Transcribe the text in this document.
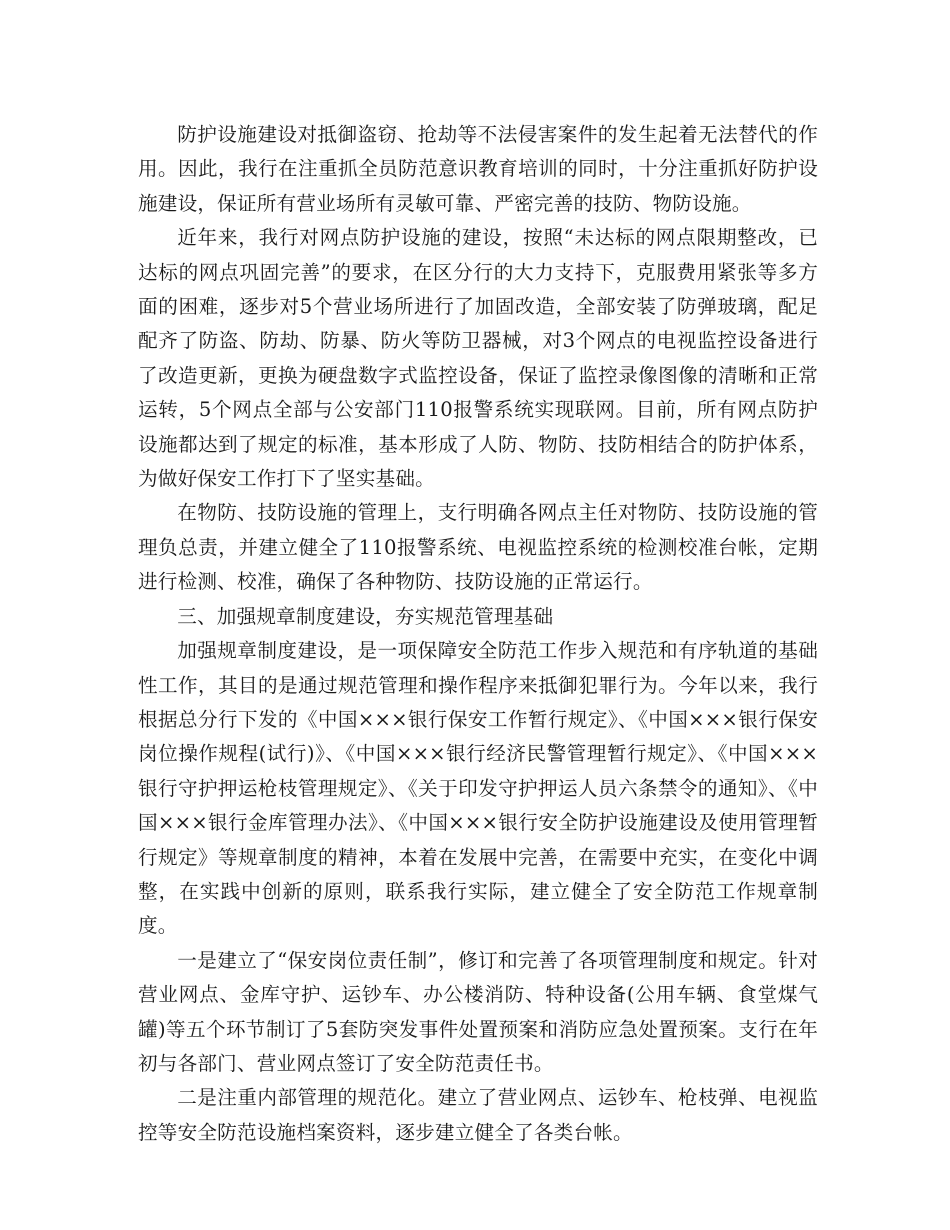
防护设施建设对抵御盗窃、抢劫等不法侵害案件的发生起着无法替代的作用。因此，我行在注重抓全员防范意识教育培训的同时，十分注重抓好防护设施建设，保证所有营业场所有灵敏可靠、严密完善的技防、物防设施。

近年来，我行对网点防护设施的建设，按照“未达标的网点限期整改，已达标的网点巩固完善”的要求，在区分行的大力支持下，克服费用紧张等多方面的困难，逐步对5个营业场所进行了加固改造，全部安装了防弹玻璃，配足配齐了防盗、防劫、防暴、防火等防卫器械，对3个网点的电视监控设备进行了改造更新，更换为硬盘数字式监控设备，保证了监控录像图像的清晰和正常运转，5个网点全部与公安部门110报警系统实现联网。目前，所有网点防护设施都达到了规定的标准，基本形成了人防、物防、技防相结合的防护体系，为做好保安工作打下了坚实基础。

在物防、技防设施的管理上，支行明确各网点主任对物防、技防设施的管理负总责，并建立健全了110报警系统、电视监控系统的检测校准台帐，定期进行检测、校准，确保了各种物防、技防设施的正常运行。

三、加强规章制度建设，夯实规范管理基础

加强规章制度建设，是一项保障安全防范工作步入规范和有序轨道的基础性工作，其目的是通过规范管理和操作程序来抵御犯罪行为。今年以来，我行根据总分行下发的《中国×××银行保安工作暂行规定》、《中国×××银行保安岗位操作规程(试行)》、《中国×××银行经济民警管理暂行规定》、《中国×××银行守护押运枪枝管理规定》、《关于印发守护押运人员六条禁令的通知》、《中国×××银行金库管理办法》、《中国×××银行安全防护设施建设及使用管理暂行规定》等规章制度的精神，本着在发展中完善，在需要中充实，在变化中调整，在实践中创新的原则，联系我行实际，建立健全了安全防范工作规章制度。

一是建立了“保安岗位责任制”，修订和完善了各项管理制度和规定。针对营业网点、金库守护、运钞车、办公楼消防、特种设备(公用车辆、食堂煤气罐)等五个环节制订了5套防突发事件处置预案和消防应急处置预案。支行在年初与各部门、营业网点签订了安全防范责任书。

二是注重内部管理的规范化。建立了营业网点、运钞车、枪枝弹、电视监控等安全防范设施档案资料，逐步建立健全了各类台帐。
